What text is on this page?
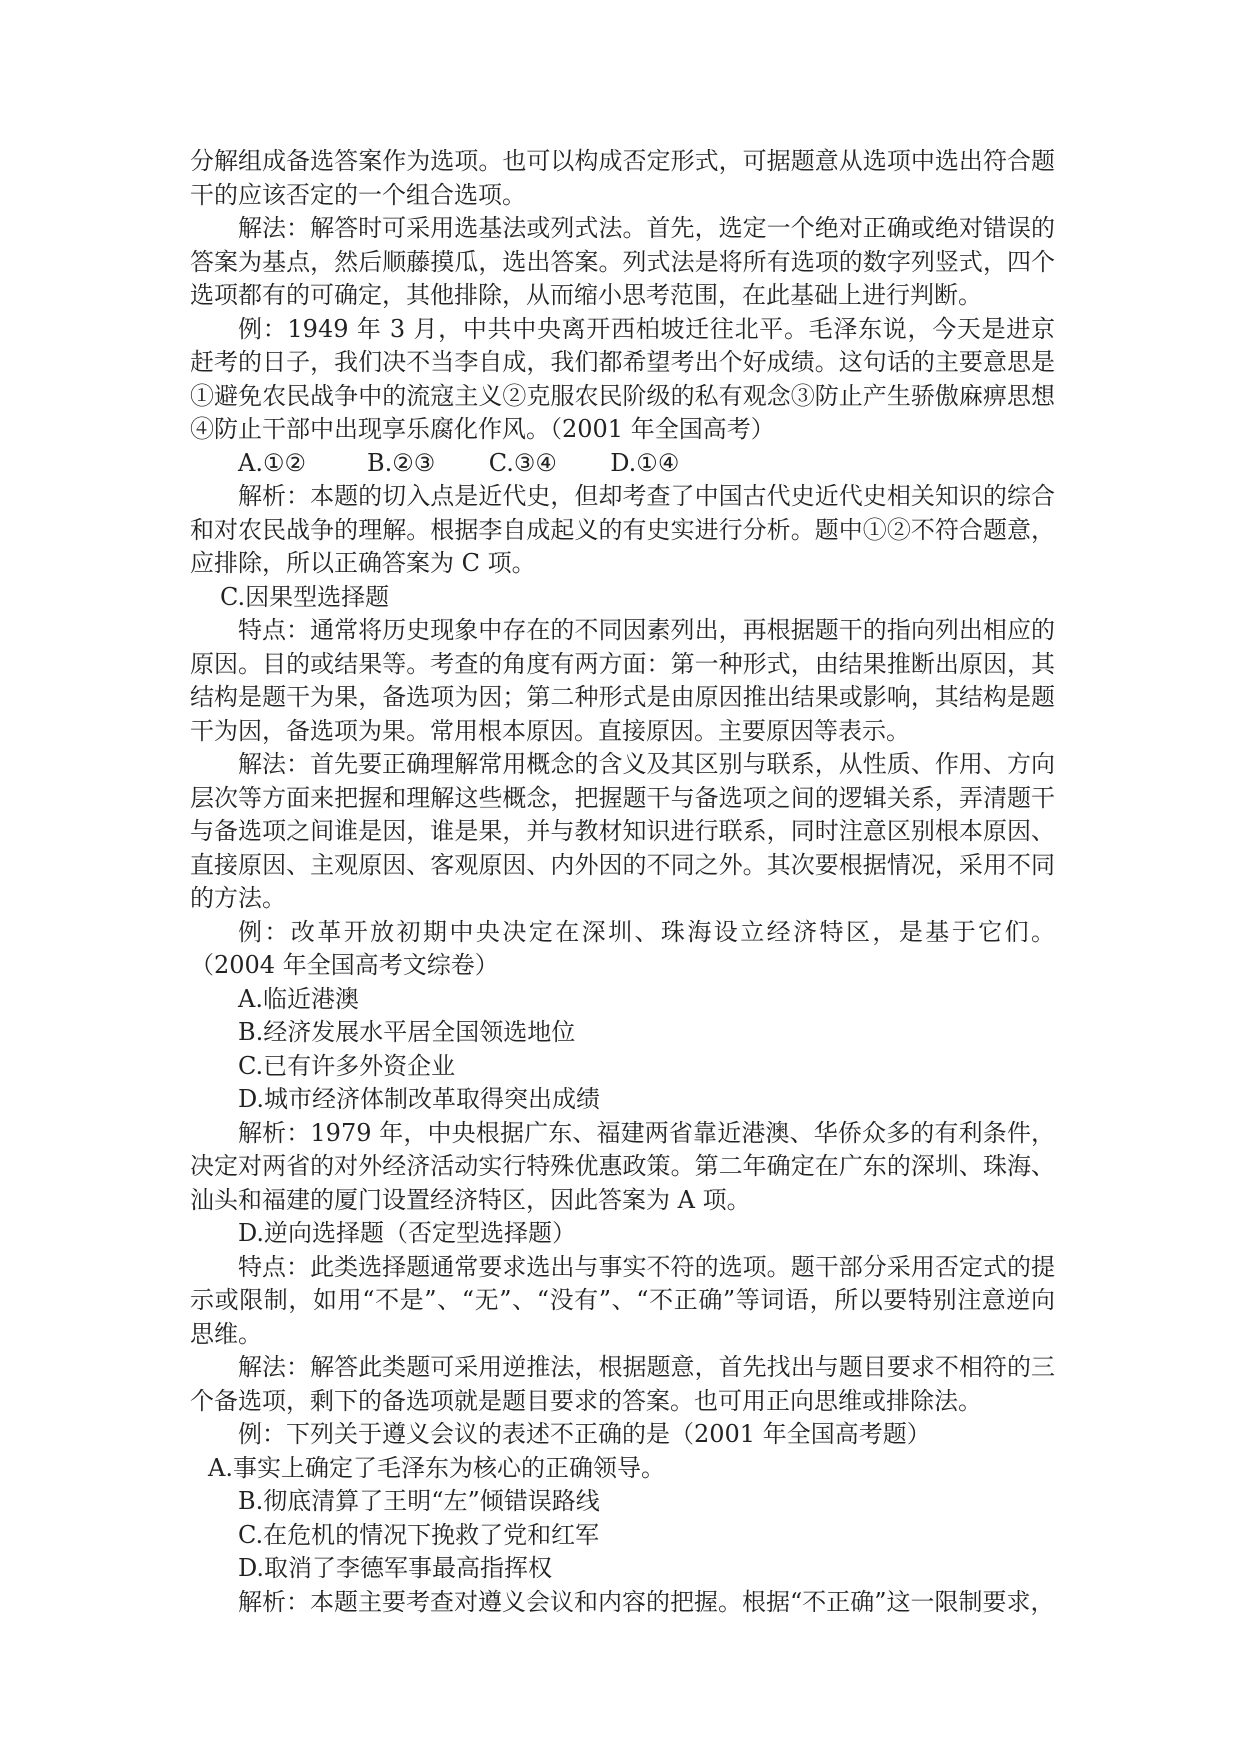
分解组成备选答案作为选项。也可以构成否定形式，可据题意从选项中选出符合题干的应该否定的一个组合选项。

解法：解答时可采用选基法或列式法。首先，选定一个绝对正确或绝对错误的答案为基点，然后顺藤摸瓜，选出答案。列式法是将所有选项的数字列竖式，四个选项都有的可确定，其他排除，从而缩小思考范围，在此基础上进行判断。

例：1949 年 3 月，中共中央离开西柏坡迁往北平。毛泽东说，今天是进京赶考的日子，我们决不当李自成，我们都希望考出个好成绩。这句话的主要意思是①避免农民战争中的流寇主义②克服农民阶级的私有观念③防止产生骄傲麻痹思想④防止干部中出现享乐腐化作风。（2001 年全国高考）

A.①②        B.②③       C.③④       D.①④

解析：本题的切入点是近代史，但却考查了中国古代史近代史相关知识的综合和对农民战争的理解。根据李自成起义的有史实进行分析。题中①②不符合题意，应排除，所以正确答案为 C 项。

C.因果型选择题

特点：通常将历史现象中存在的不同因素列出，再根据题干的指向列出相应的原因。目的或结果等。考查的角度有两方面：第一种形式，由结果推断出原因，其结构是题干为果，备选项为因；第二种形式是由原因推出结果或影响，其结构是题干为因，备选项为果。常用根本原因。直接原因。主要原因等表示。

解法：首先要正确理解常用概念的含义及其区别与联系，从性质、作用、方向层次等方面来把握和理解这些概念，把握题干与备选项之间的逻辑关系，弄清题干与备选项之间谁是因，谁是果，并与教材知识进行联系，同时注意区别根本原因、直接原因、主观原因、客观原因、内外因的不同之外。其次要根据情况，采用不同的方法。

例：改革开放初期中央决定在深圳、珠海设立经济特区，是基于它们。（2004 年全国高考文综卷）

A.临近港澳

B.经济发展水平居全国领选地位

C.已有许多外资企业

D.城市经济体制改革取得突出成绩

解析：1979 年，中央根据广东、福建两省靠近港澳、华侨众多的有利条件，决定对两省的对外经济活动实行特殊优惠政策。第二年确定在广东的深圳、珠海、汕头和福建的厦门设置经济特区，因此答案为 A 项。

D.逆向选择题（否定型选择题）

特点：此类选择题通常要求选出与事实不符的选项。题干部分采用否定式的提示或限制，如用“不是”、“无”、“没有”、“不正确”等词语，所以要特别注意逆向思维。

解法：解答此类题可采用逆推法，根据题意，首先找出与题目要求不相符的三个备选项，剩下的备选项就是题目要求的答案。也可用正向思维或排除法。

例：下列关于遵义会议的表述不正确的是（2001 年全国高考题）

A.事实上确定了毛泽东为核心的正确领导。

B.彻底清算了王明“左”倾错误路线

C.在危机的情况下挽救了党和红军

D.取消了李德军事最高指挥权

解析：本题主要考查对遵义会议和内容的把握。根据“不正确”这一限制要求，
